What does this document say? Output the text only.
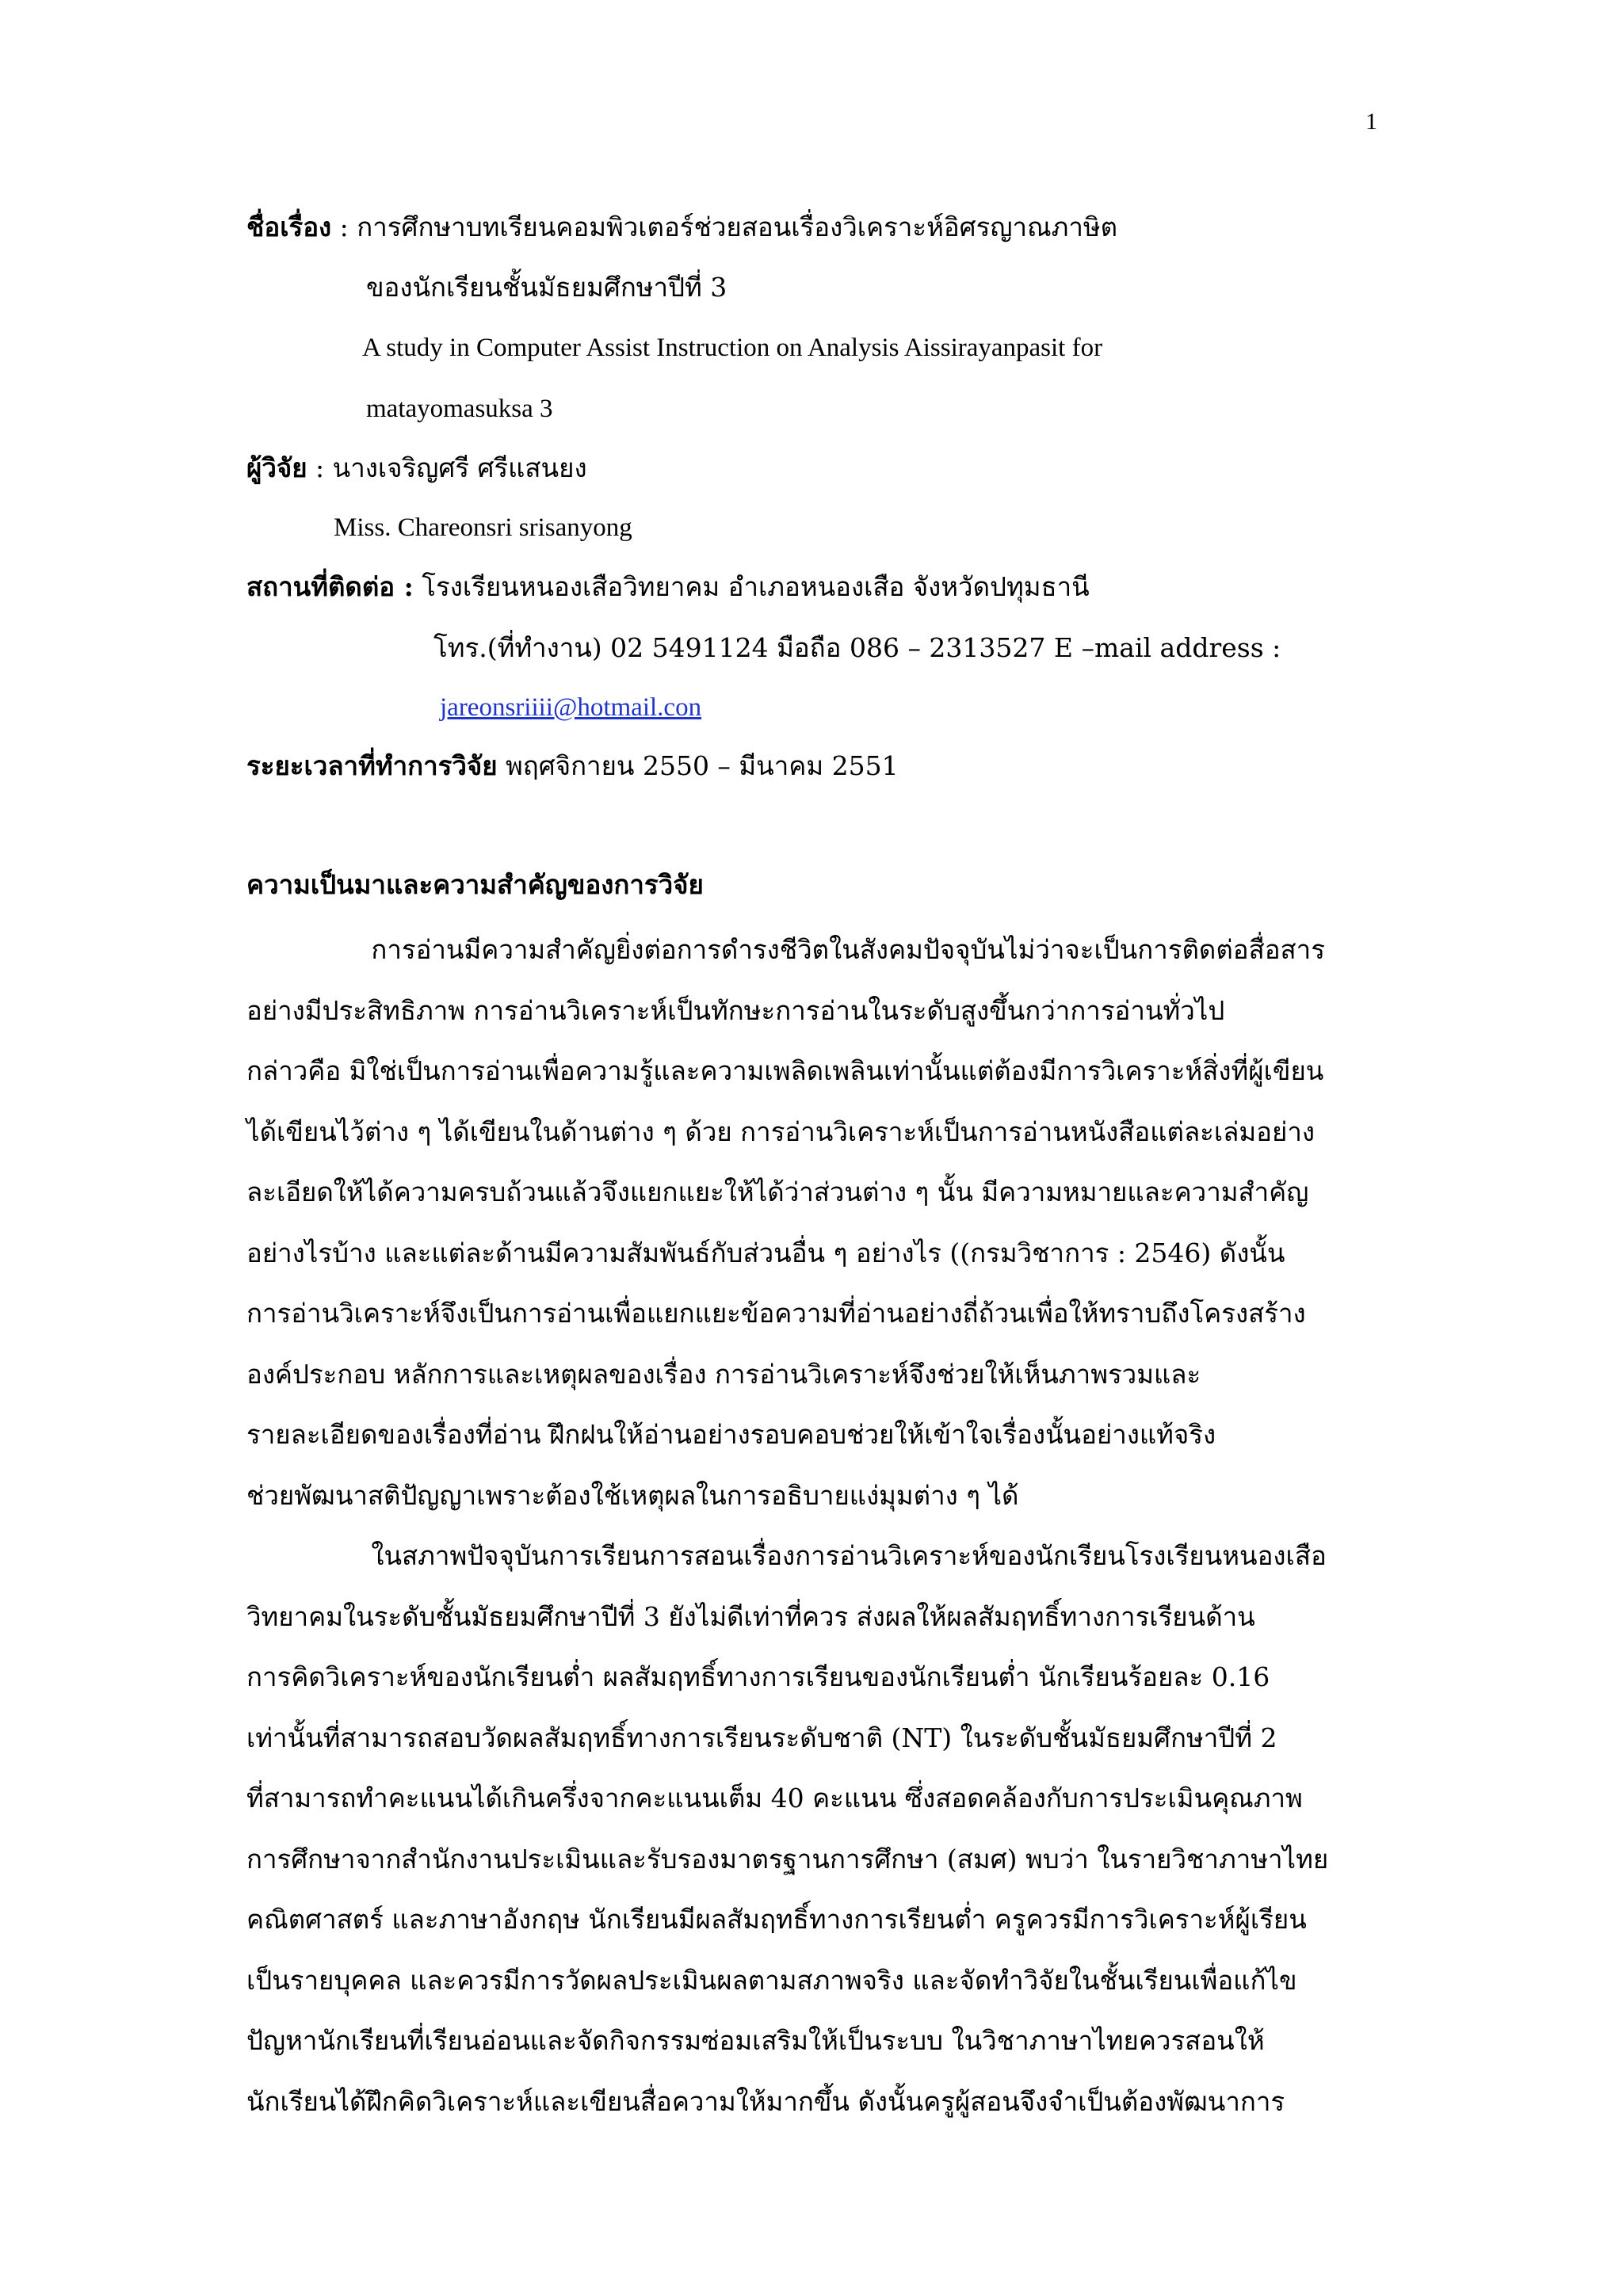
1
ชื่อเรื่อง : การศึกษาบทเรียนคอมพิวเตอร์ช่วยสอนเรื่องวิเคราะห์อิศรญาณภาษิต
ของนักเรียนชั้นมัธยมศึกษาปีที่ 3
A study in Computer Assist Instruction on Analysis Aissirayanpasit for
matayomasuksa 3
ผู้วิจัย : นางเจริญศรี ศรีแสนยง
Miss. Chareonsri srisanyong
สถานที่ติดต่อ : โรงเรียนหนองเสือวิทยาคม อำเภอหนองเสือ จังหวัดปทุมธานี
โทร.(ที่ทำงาน) 02 5491124 มือถือ 086 – 2313527 E –mail address :
jareonsriiii@hotmail.con
ระยะเวลาที่ทำการวิจัย พฤศจิกายน 2550 – มีนาคม 2551
ความเป็นมาและความสำคัญของการวิจัย
การอ่านมีความสำคัญยิ่งต่อการดำรงชีวิตในสังคมปัจจุบันไม่ว่าจะเป็นการติดต่อสื่อสาร
อย่างมีประสิทธิภาพ การอ่านวิเคราะห์เป็นทักษะการอ่านในระดับสูงขึ้นกว่าการอ่านทั่วไป
กล่าวคือ มิใช่เป็นการอ่านเพื่อความรู้และความเพลิดเพลินเท่านั้นแต่ต้องมีการวิเคราะห์สิ่งที่ผู้เขียน
ได้เขียนไว้ต่าง ๆ ได้เขียนในด้านต่าง ๆ ด้วย การอ่านวิเคราะห์เป็นการอ่านหนังสือแต่ละเล่มอย่าง
ละเอียดให้ได้ความครบถ้วนแล้วจึงแยกแยะให้ได้ว่าส่วนต่าง ๆ นั้น มีความหมายและความสำคัญ
อย่างไรบ้าง และแต่ละด้านมีความสัมพันธ์กับส่วนอื่น ๆ อย่างไร ((กรมวิชาการ : 2546) ดังนั้น
การอ่านวิเคราะห์จึงเป็นการอ่านเพื่อแยกแยะข้อความที่อ่านอย่างถี่ถ้วนเพื่อให้ทราบถึงโครงสร้าง
องค์ประกอบ หลักการและเหตุผลของเรื่อง การอ่านวิเคราะห์จึงช่วยให้เห็นภาพรวมและ
รายละเอียดของเรื่องที่อ่าน ฝึกฝนให้อ่านอย่างรอบคอบช่วยให้เข้าใจเรื่องนั้นอย่างแท้จริง
ช่วยพัฒนาสติปัญญาเพราะต้องใช้เหตุผลในการอธิบายแง่มุมต่าง ๆ ได้
ในสภาพปัจจุบันการเรียนการสอนเรื่องการอ่านวิเคราะห์ของนักเรียนโรงเรียนหนองเสือ
วิทยาคมในระดับชั้นมัธยมศึกษาปีที่ 3 ยังไม่ดีเท่าที่ควร ส่งผลให้ผลสัมฤทธิ์ทางการเรียนด้าน
การคิดวิเคราะห์ของนักเรียนต่ำ ผลสัมฤทธิ์ทางการเรียนของนักเรียนต่ำ นักเรียนร้อยละ 0.16
เท่านั้นที่สามารถสอบวัดผลสัมฤทธิ์ทางการเรียนระดับชาติ (NT) ในระดับชั้นมัธยมศึกษาปีที่ 2
ที่สามารถทำคะแนนได้เกินครึ่งจากคะแนนเต็ม 40 คะแนน ซึ่งสอดคล้องกับการประเมินคุณภาพ
การศึกษาจากสำนักงานประเมินและรับรองมาตรฐานการศึกษา (สมศ) พบว่า ในรายวิชาภาษาไทย
คณิตศาสตร์ และภาษาอังกฤษ นักเรียนมีผลสัมฤทธิ์ทางการเรียนต่ำ ครูควรมีการวิเคราะห์ผู้เรียน
เป็นรายบุคคล และควรมีการวัดผลประเมินผลตามสภาพจริง และจัดทำวิจัยในชั้นเรียนเพื่อแก้ไข
ปัญหานักเรียนที่เรียนอ่อนและจัดกิจกรรมซ่อมเสริมให้เป็นระบบ ในวิชาภาษาไทยควรสอนให้
นักเรียนได้ฝึกคิดวิเคราะห์และเขียนสื่อความให้มากขึ้น ดังนั้นครูผู้สอนจึงจำเป็นต้องพัฒนาการ
